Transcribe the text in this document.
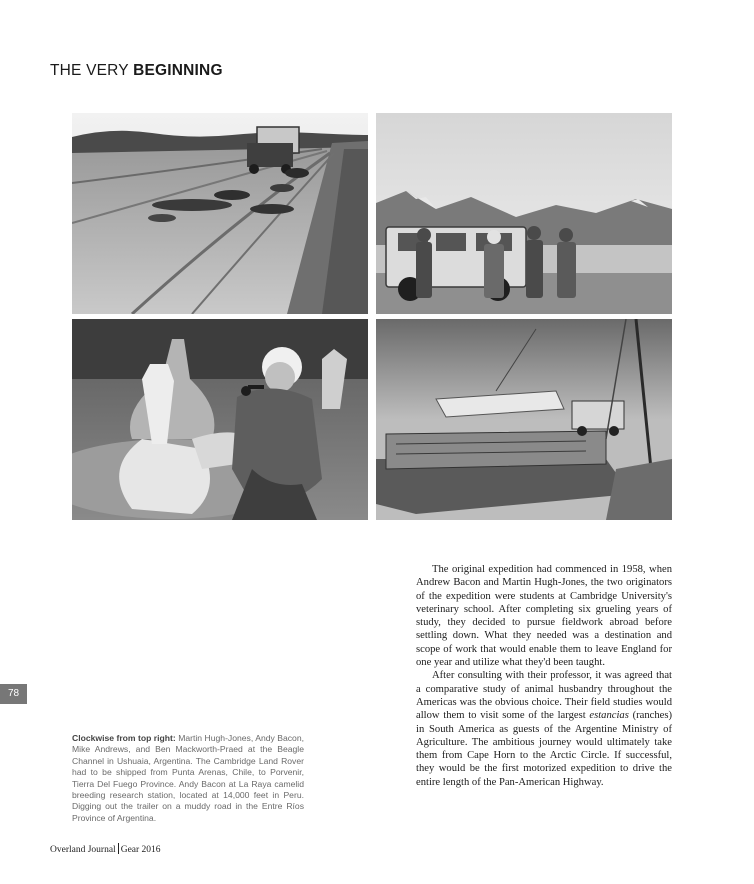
THE VERY BEGINNING
78
Clockwise from top right: Martin Hugh-Jones, Andy Bacon, Mike Andrews, and Ben Mackworth-Praed at the Beagle Channel in Ushuaia, Argentina. The Cambridge Land Rover had to be shipped from Punta Arenas, Chile, to Porvenir, Tierra Del Fuego Province. Andy Bacon at La Raya camelid breeding research station, located at 14,000 feet in Peru. Digging out the trailer on a muddy road in the Entre Ríos Province of Argentina.

The original expedition had commenced in 1958, when Andrew Bacon and Martin Hugh-Jones, the two originators of the expedition were students at Cambridge University's veterinary school. After completing six grueling years of study, they decided to pursue fieldwork abroad before settling down. What they needed was a destination and scope of work that would enable them to leave England for one year and utilize what they'd been taught.

After consulting with their professor, it was agreed that a comparative study of animal husbandry throughout the Americas was the obvious choice. Their field studies would allow them to visit some of the largest estancias (ranches) in South America as guests of the Argentine Ministry of Agriculture. The ambitious journey would ultimately take them from Cape Horn to the Arctic Circle. If successful, they would be the first motorized expedition to drive the entire length of the Pan-American Highway.

Overland Journal Gear 2016
